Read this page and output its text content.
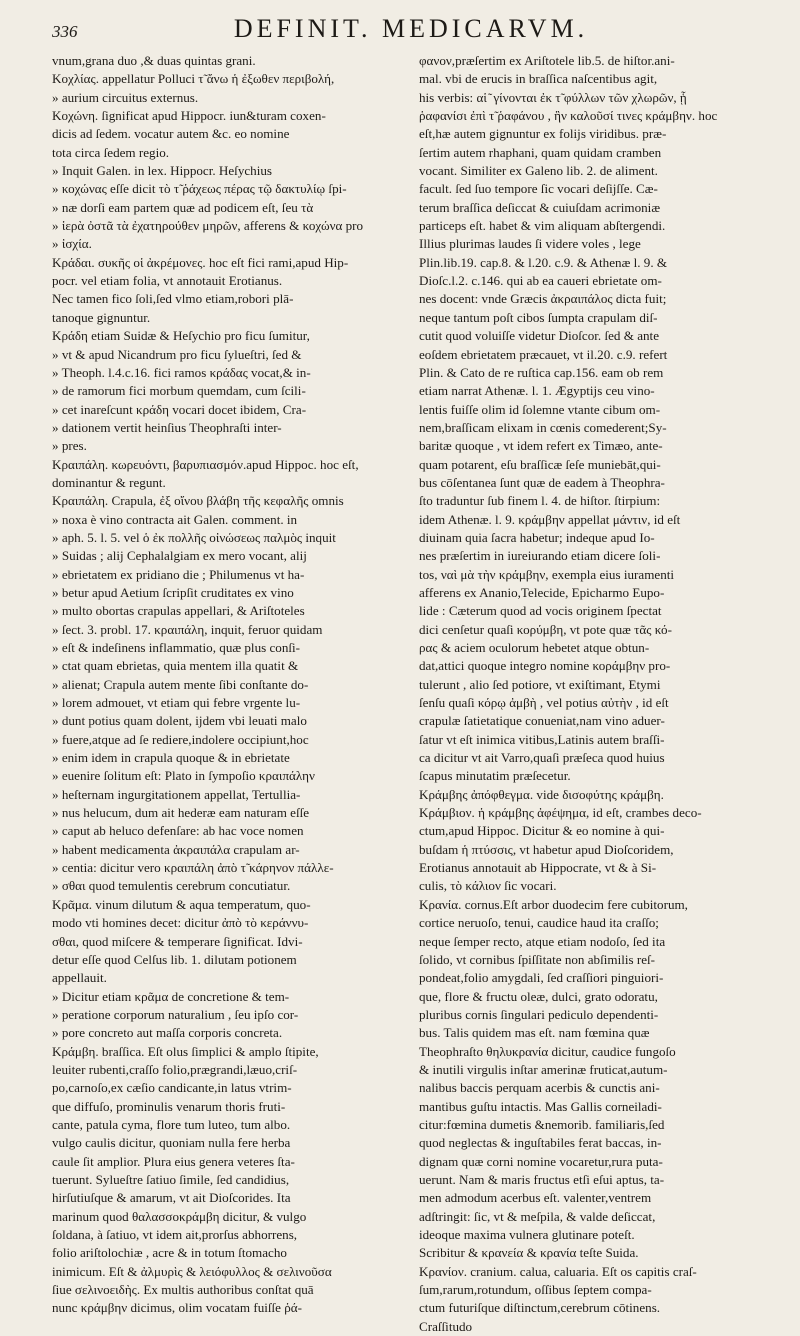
336	DEFINIT. MEDICARVM.
vnum,grana duo ,& duas quintas grani.
Κοχλίας. appellatur Polluci τ̃ ἄνω ἡ ἐξωθεν περιβολή,
» aurium circuitus externus.
Κοχώνη. ſignificat apud Hippocr. iun&turam coxen-
dicis ad ſedem. vocatur autem &c. eo nomine
tota circa ſedem regio.
» Inquit Galen. in lex. Hippocr. Heſychius
» κοχώνας eſſe dicit τὸ τ̃ ῥάχεως πέρας τῷ δακτυλίῳ ſpi-
» næ dorſi eam partem quæ ad podicem eſt, ſeu τὰ
» ἱερὰ ὀστᾶ τὰ ἐχατηρούθεν μηρῶν, afferens & κοχώνα pro
» ἰσχία.
Κράδαι. συκῆς οἱ ἀκρέμονες. hoc eſt fici rami,apud Hip-
pocr. vel etiam folia, vt annotauit Erotianus.
Nec tamen fico ſoli,ſed vlmo etiam,robori plā-
tanoque gignuntur.
Κράδη etiam Suidæ & Heſychio pro ficu ſumitur,
» vt & apud Nicandrum pro ficu ſylueſtri, ſed &
» Theoph. l.4.c.16. fici ramos κράδας vocat,& in-
» de ramorum fici morbum quemdam, cum ſcili-
» cet inareſcunt κράδη vocari docet ibidem, Cra-
» dationem vertit heinſius Theophraſti inter-
» pres.
Κραιπάλη. κωρευόντι, βαρυπιασμόν.apud Hippoc. hoc eſt,
dominantur & regunt.
Κραιπάλη. Crapula, ἐξ οἴνου βλάβη τῆς κεφαλῆς omnis
» noxa è vino contracta ait Galen. comment. in
» aph. 5. l. 5. vel ὁ ἐκ πολλῆς οἰνώσεως παλμὸς inquit
» Suidas ; alij Cephalalgiam ex mero vocant, alij
» ebrietatem ex pridiano die ; Philumenus vt ha-
» betur apud Aetium ſcripſit cruditates ex vino
» multo obortas crapulas appellari, & Ariſtoteles
» ſect. 3. probl. 17. κραιπάλη, inquit, feruor quidam
» eſt & indeſinens inflammatio, quæ plus conſi-
» ctat quam ebrietas, quia mentem illa quatit &
» alienat; Crapula autem mente ſibi conſtante do-
» lorem admouet, vt etiam qui febre vrgente lu-
» dunt potius quam dolent, ijdem vbi leuati malo
» fuere,atque ad ſe rediere,indolere occipiunt,hoc
» enim idem in crapula quoque & in ebrietate
» euenire ſolitum eſt: Plato in ſympoſio κραιπάλην
» heſternam ingurgitationem appellat, Tertullia-
» nus helucum, dum ait hederæ eam naturam eſſe
» caput ab heluco defenſare: ab hac voce nomen
» habent medicamenta ἀκραιπάλα crapulam ar-
» centia: dicitur vero κραιπάλη ἀπὸ τ̃ κάρηνον πάλλε-
» σθαι quod temulentis cerebrum concutiatur.
Κρᾶμα. vinum dilutum & aqua temperatum, quo-
modo vti homines decet: dicitur ἀπὸ τὸ κεράννυ-
σθαι, quod miſcere & temperare ſignificat. Idvi-
detur eſſe quod Celſus lib. 1. dilutam potionem
appellauit.
» Dicitur etiam κρᾶμα de concretione & tem-
» peratione corporum naturalium , ſeu ipſo cor-
» pore concreto aut maſſa corporis concreta.
Κράμβη. braſſica. Eſt olus ſimplici & amplo ſtipite,
leuiter rubenti,craſſo folio,prægrandi,læuo,criſ-
po,carnoſo,ex cæſio candicante,in latus vtrim-
que diffuſo, prominulis venarum thoris fruti-
cante, patula cyma, flore tum luteo, tum albo.
vulgo caulis dicitur, quoniam nulla fere herba
caule ſit amplior. Plura eius genera veteres ſta-
tuerunt. Sylueſtre ſatiuo ſimile, ſed candidius,
hirſutiuſque & amarum, vt ait Dioſcorides. Ita
marinum quod θαλασσοκράμβη dicitur, & vulgo
ſoldana, à ſatiuo, vt idem ait,prorſus abhorrens,
folio ariſtolochiæ , acre & in totum ſtomacho
inimicum. Eſt & ἀλμυρὶς & λειόφυλλος & σελινοῦσα
ſiue σελινοειδὴς. Ex multis authoribus conſtat quā
nunc κράμβην dicimus, olim vocatam fuiſſe ῥά-
φανον,præſertim ex Ariſtotele lib.5. de hiſtor.ani-
mal. vbi de erucis in braſſica naſcentibus agit,
his verbis: αἱ ͂ γίνονται ἐκ τ̃ φύλλων τῶν χλωρῶν, ᾗ
ῥαφανίσι ἐπὶ τ̃ ῥαφάνου , ἣν καλοῦσί τινες κράμβην. hoc
eſt,hæ autem gignuntur ex folijs viridibus. præ-
ſertim autem rhaphani, quam quidam cramben
vocant. Similiter ex Galeno lib. 2. de aliment.
facult. ſed ſuo tempore ſic vocari deſijſſe. Cæ-
terum braſſica deſiccat & cuiuſdam acrimoniæ
particeps eſt. habet & vim aliquam abſtergendi.
Illius plurimas laudes ſi videre voles , lege
Plin.lib.19. cap.8. & l.20. c.9. & Athenæ l. 9. &
Dioſc.l.2. c.146. qui ab ea caueri ebrietate om-
nes docent: vnde Græcis ἀκραιπάλος dicta fuit;
neque tantum poſt cibos ſumpta crapulam diſ-
cutit quod voluiſſe videtur Dioſcor. ſed & ante
eoſdem ebrietatem præcauet, vt il.20. c.9. refert
Plin. & Cato de re ruſtica cap.156. eam ob rem
etiam narrat Athenæ. l. 1. Ægyptijs ceu vino-
lentis fuiſſe olim id ſolemne vtante cibum om-
nem,braſſicam elixam in cœnis comederent;Sy-
baritæ quoque , vt idem refert ex Timæo, ante-
quam potarent, eſu braſſicæ ſeſe muniebāt,qui-
bus cōſentanea ſunt quæ de eadem à Theophra-
ſto traduntur ſub finem l. 4. de hiſtor. ſtirpium:
idem Athenæ. l. 9. κράμβην appellat μάντιν, id eſt
diuinam quia ſacra habetur; indeque apud Io-
nes præſertim in iureiurando etiam dicere ſoli-
tos, ναὶ μὰ τὴν κράμβην, exempla eius iuramenti
afferens ex Ananio,Telecide, Epicharmo Eupo-
lide : Cæterum quod ad vocis originem ſpectat
dici cenſetur quaſi κορύμβη, vt pote quæ τᾶς κό-
ρας & aciem oculorum hebetet atque obtun-
dat,attici quoque integro nomine κοράμβην pro-
tulerunt , alio ſed potiore, vt exiſtimant, Etymi
ſenſu quaſi κόρῳ ἀμβὴ , vel potius αὐτὴν , id eſt
crapulæ ſatietatique conueniat,nam vino aduer-
ſatur vt eſt inimica vitibus,Latinis autem braſſi-
ca dicitur vt ait Varro,quaſi præſeca quod huius
ſcapus minutatim præſecetur.
Κράμβης ἀπόφθεγμα. vide δισοφύτης κράμβη.
Κράμβιον. ἡ κράμβης ἀφέψημα, id eſt, crambes deco-
ctum,apud Hippoc. Dicitur & eo nomine à qui-
buſdam ἡ πτύσσις, vt habetur apud Dioſcoridem,
Erotianus annotauit ab Hippocrate, vt & à Si-
culis, τὸ κάλιον ſic vocari.
Κρανία. cornus.Eſt arbor duodecim fere cubitorum,
cortice neruoſo, tenui, caudice haud ita craſſo;
neque ſemper recto, atque etiam nodoſo, ſed ita
ſolido, vt cornibus ſpiſſitate non abſimilis reſ-
pondeat,folio amygdali, ſed craſſiori pinguiori-
que, flore & fructu oleæ, dulci, grato odoratu,
pluribus cornis ſingulari pediculo dependenti-
bus. Talis quidem mas eſt. nam fœmina quæ
Theophraſto θηλυκρανία dicitur, caudice fungoſo
& inutili virgulis inſtar amerinæ fruticat,autum-
nalibus baccis perquam acerbis & cunctis ani-
mantibus guſtu intactis. Mas Gallis corneiladi-
citur:fœmina dumetis &nemorib. familiaris,ſed
quod neglectas & inguſtabiles ferat baccas, in-
dignam quæ corni nomine vocaretur,rura puta-
uerunt. Nam & maris fructus etſi eſui aptus, ta-
men admodum acerbus eſt. valenter,ventrem
adſtringit: ſic, vt & meſpila, & valde deſiccat,
ideoque maxima vulnera glutinare poteſt.
Scribitur & κρανεία & κρανία teſte Suida.
Κρανίον. cranium. calua, caluaria. Eſt os capitis craſ-
ſum,rarum,rotundum, oſſibus ſeptem compa-
ctum futuriſque diſtinctum,cerebrum cōtinens.
Craſſitudo
